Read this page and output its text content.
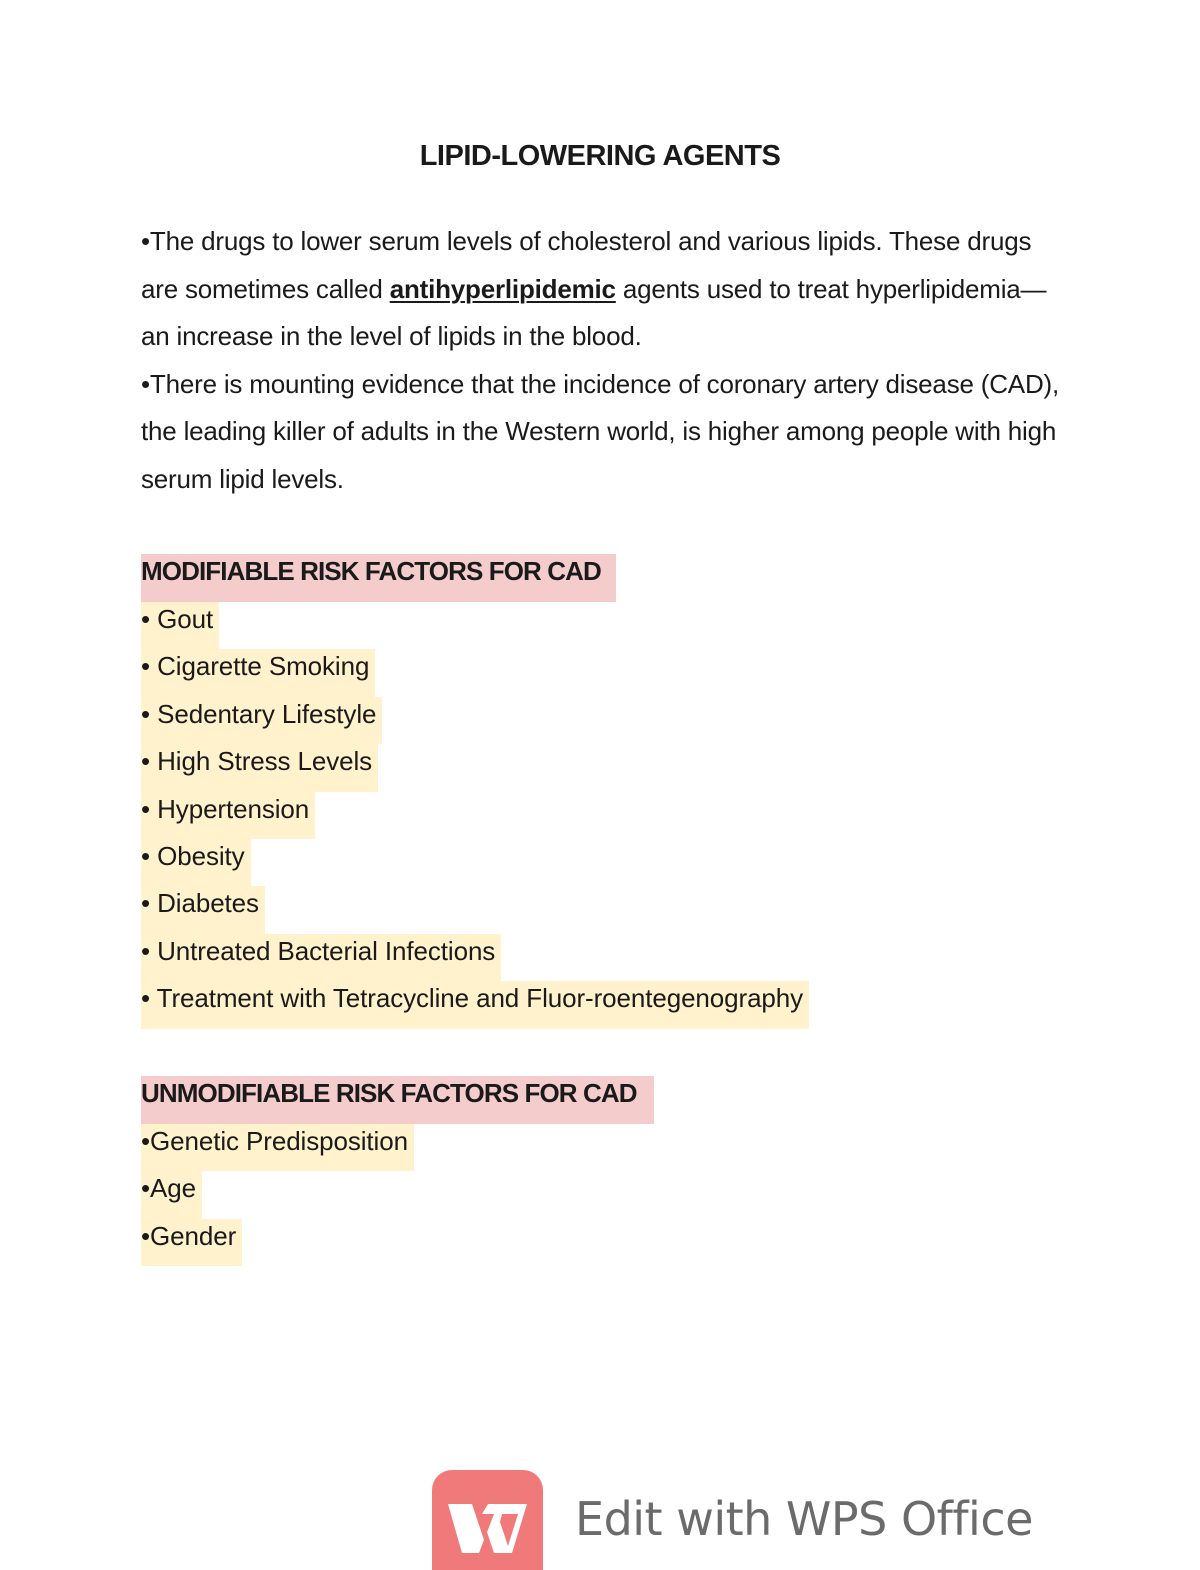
LIPID-LOWERING AGENTS

•The drugs to lower serum levels of cholesterol and various lipids. These drugs are sometimes called antihyperlipidemic agents used to treat hyperlipidemia—an increase in the level of lipids in the blood.

•There is mounting evidence that the incidence of coronary artery disease (CAD), the leading killer of adults in the Western world, is higher among people with high serum lipid levels.

MODIFIABLE RISK FACTORS FOR CAD
• Gout
• Cigarette Smoking
• Sedentary Lifestyle
• High Stress Levels
• Hypertension
• Obesity
• Diabetes
• Untreated Bacterial Infections
• Treatment with Tetracycline and Fluor-roentegenography
UNMODIFIABLE RISK FACTORS FOR CAD
•Genetic Predisposition
•Age
•Gender
Edit with WPS Office
